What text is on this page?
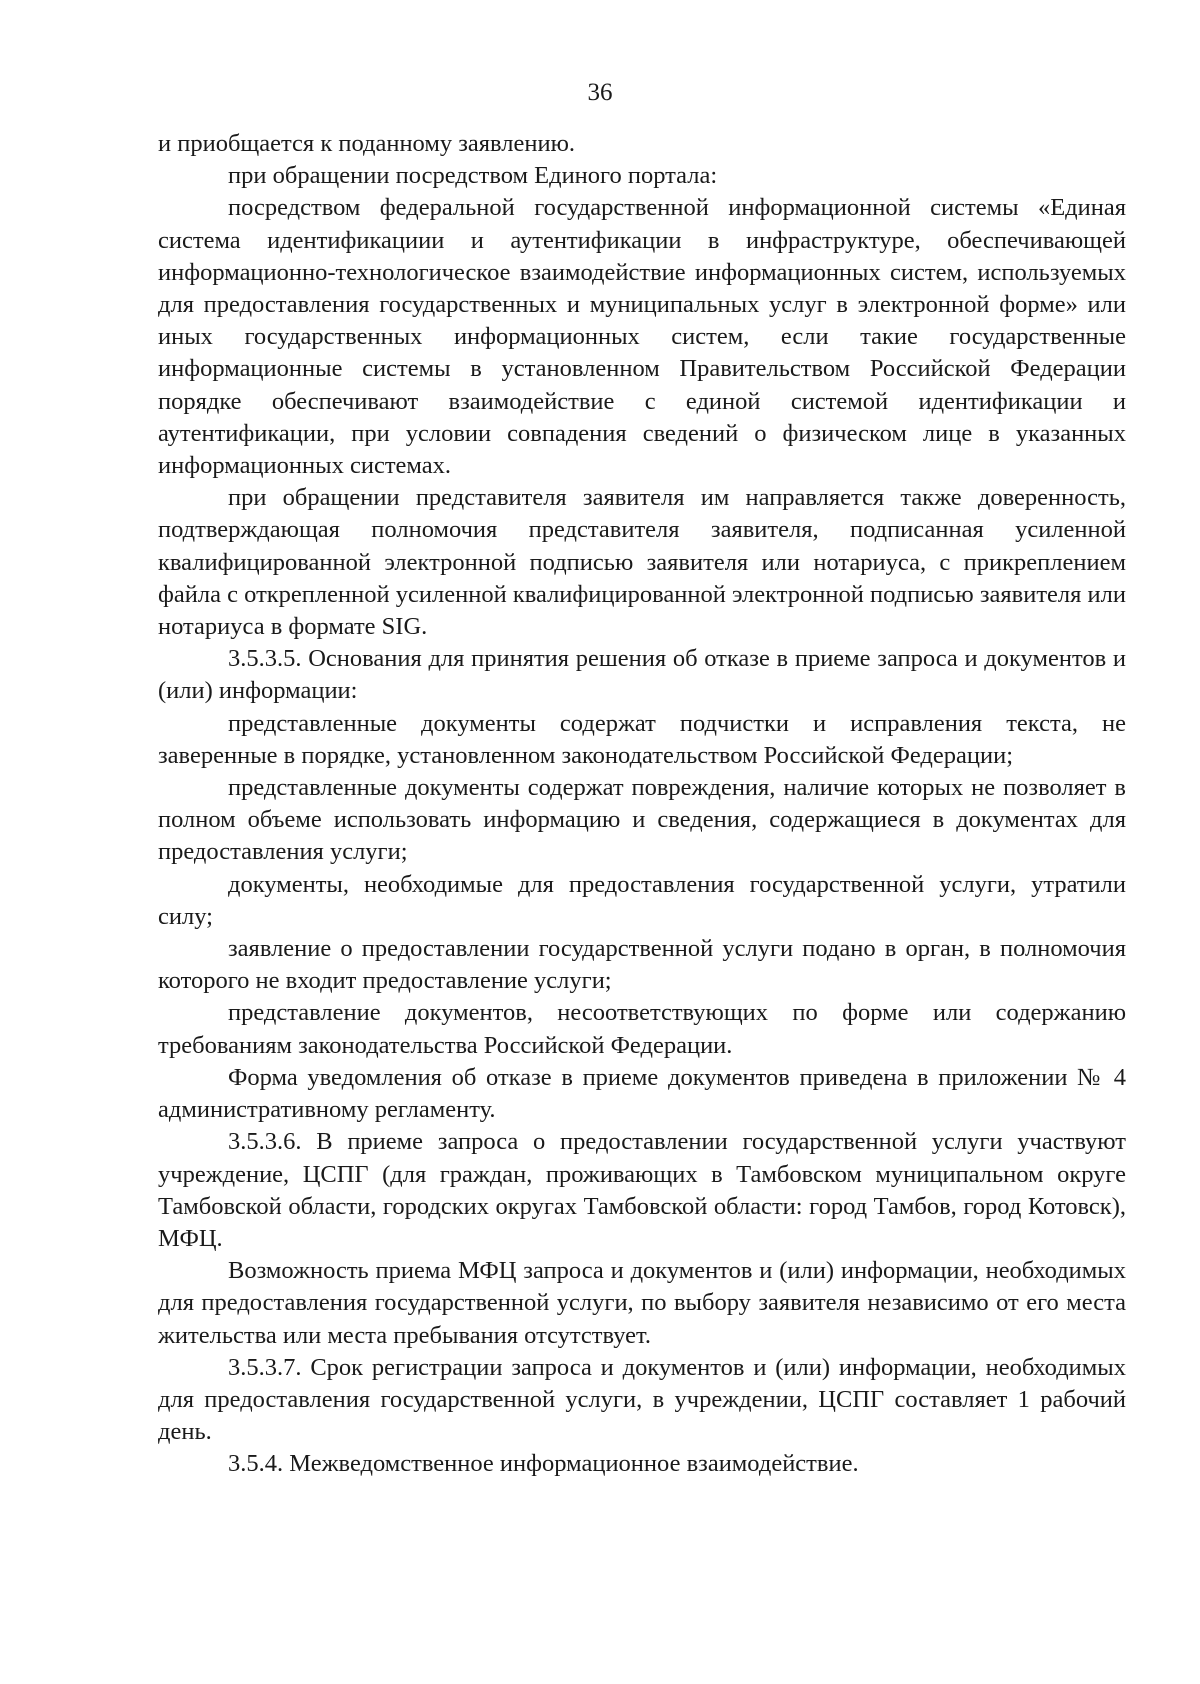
36

и приобщается к поданному заявлению.

при обращении посредством Единого портала:

посредством федеральной государственной информационной системы «Единая система идентификациии и аутентификации в инфраструктуре, обеспечивающей информационно-технологическое взаимодействие информационных систем, используемых для предоставления государственных и муниципальных услуг в электронной форме» или иных государственных информационных систем, если такие государственные информационные системы в установленном Правительством Российской Федерации порядке обеспечивают взаимодействие с единой системой идентификации и аутентификации, при условии совпадения сведений о физическом лице в указанных информационных системах.

при обращении представителя заявителя им направляется также доверенность, подтверждающая полномочия представителя заявителя, подписанная усиленной квалифицированной электронной подписью заявителя или нотариуса, с прикреплением файла с открепленной усиленной квалифицированной электронной подписью заявителя или нотариуса в формате SIG.

3.5.3.5. Основания для принятия решения об отказе в приеме запроса и документов и (или) информации:

представленные документы содержат подчистки и исправления текста, не заверенные в порядке, установленном законодательством Российской Федерации;

представленные документы содержат повреждения, наличие которых не позволяет в полном объеме использовать информацию и сведения, содержащиеся в документах для предоставления услуги;

документы, необходимые для предоставления государственной услуги, утратили силу;

заявление о предоставлении государственной услуги подано в орган, в полномочия которого не входит предоставление услуги;

представление документов, несоответствующих по форме или содержанию требованиям законодательства Российской Федерации.

Форма уведомления об отказе в приеме документов приведена в приложении № 4 административному регламенту.

3.5.3.6. В приеме запроса о предоставлении государственной услуги участвуют учреждение, ЦСПГ (для граждан, проживающих в Тамбовском муниципальном округе Тамбовской области, городских округах Тамбовской области: город Тамбов, город Котовск), МФЦ.

Возможность приема МФЦ запроса и документов и (или) информации, необходимых для предоставления государственной услуги, по выбору заявителя независимо от его места жительства или места пребывания отсутствует.

3.5.3.7. Срок регистрации запроса и документов и (или) информации, необходимых для предоставления государственной услуги, в учреждении, ЦСПГ составляет 1 рабочий день.

3.5.4. Межведомственное информационное взаимодействие.
